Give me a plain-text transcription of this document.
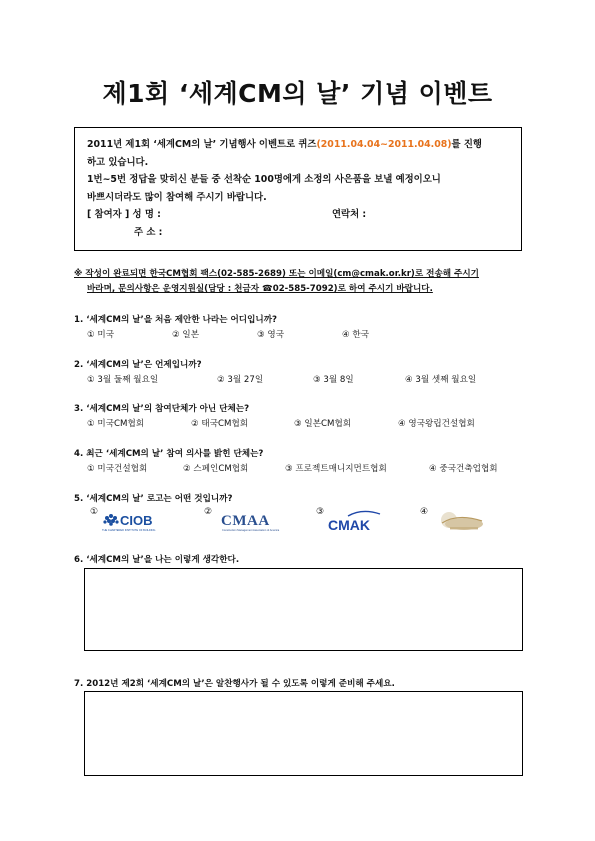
제1회 ‘세계CM의 날’ 기념 이벤트

2011년 제1회 ‘세계CM의 날’ 기념행사 이벤트로 퀴즈(2011.04.04~2011.04.08)를 진행

하고 있습니다.
1번~5번 정답을 맞히신 분들 중 선착순 100명에게 소정의 사은품을 보낼 예정이오니
바쁘시더라도 많이 참여해 주시기 바랍니다.
[ 참여자 ] 성 명 :	연락처 :
주 소 :
※ 작성이 완료되면 한국CM협회 팩스(02-585-2689) 또는 이메일(cm@cmak.or.kr)로 전송해 주시기
바라며, 문의사항은 운영지원실(담당 : 천금자 ☎02-585-7092)로 하여 주시기 바랍니다.
1. ‘세계CM의 날’을 처음 제안한 나라는 어디입니까?
① 미국	② 일본	③ 영국	④ 한국
2. ‘세계CM의 날’은 언제입니까?
① 3월 둘째 월요일	② 3월 27일	③ 3월 8일	④ 3월 셋째 월요일
3. ‘세계CM의 날’의 참여단체가 아닌 단체는?
① 미국CM협회	② 태국CM협회	③ 일본CM협회	④ 영국왕립건설협회
4. 최근 ‘세계CM의 날’ 참여 의사를 밝힌 단체는?
① 미국건설협회	② 스페인CM협회	③ 프로젝트매니지먼트협회	④ 중국건축업협회
5. ‘세계CM의 날’ 로고는 어떤 것입니까?
①
CIOB
THE CHARTERED INSTITUTE OF BUILDING
②
CMAA
Construction Management Association of America
③
CMAK
④
6. ‘세계CM의 날’을 나는 이렇게 생각한다.
7. 2012년 제2회 ‘세계CM의 날’은 알찬행사가 될 수 있도록 이렇게 준비해 주세요.
